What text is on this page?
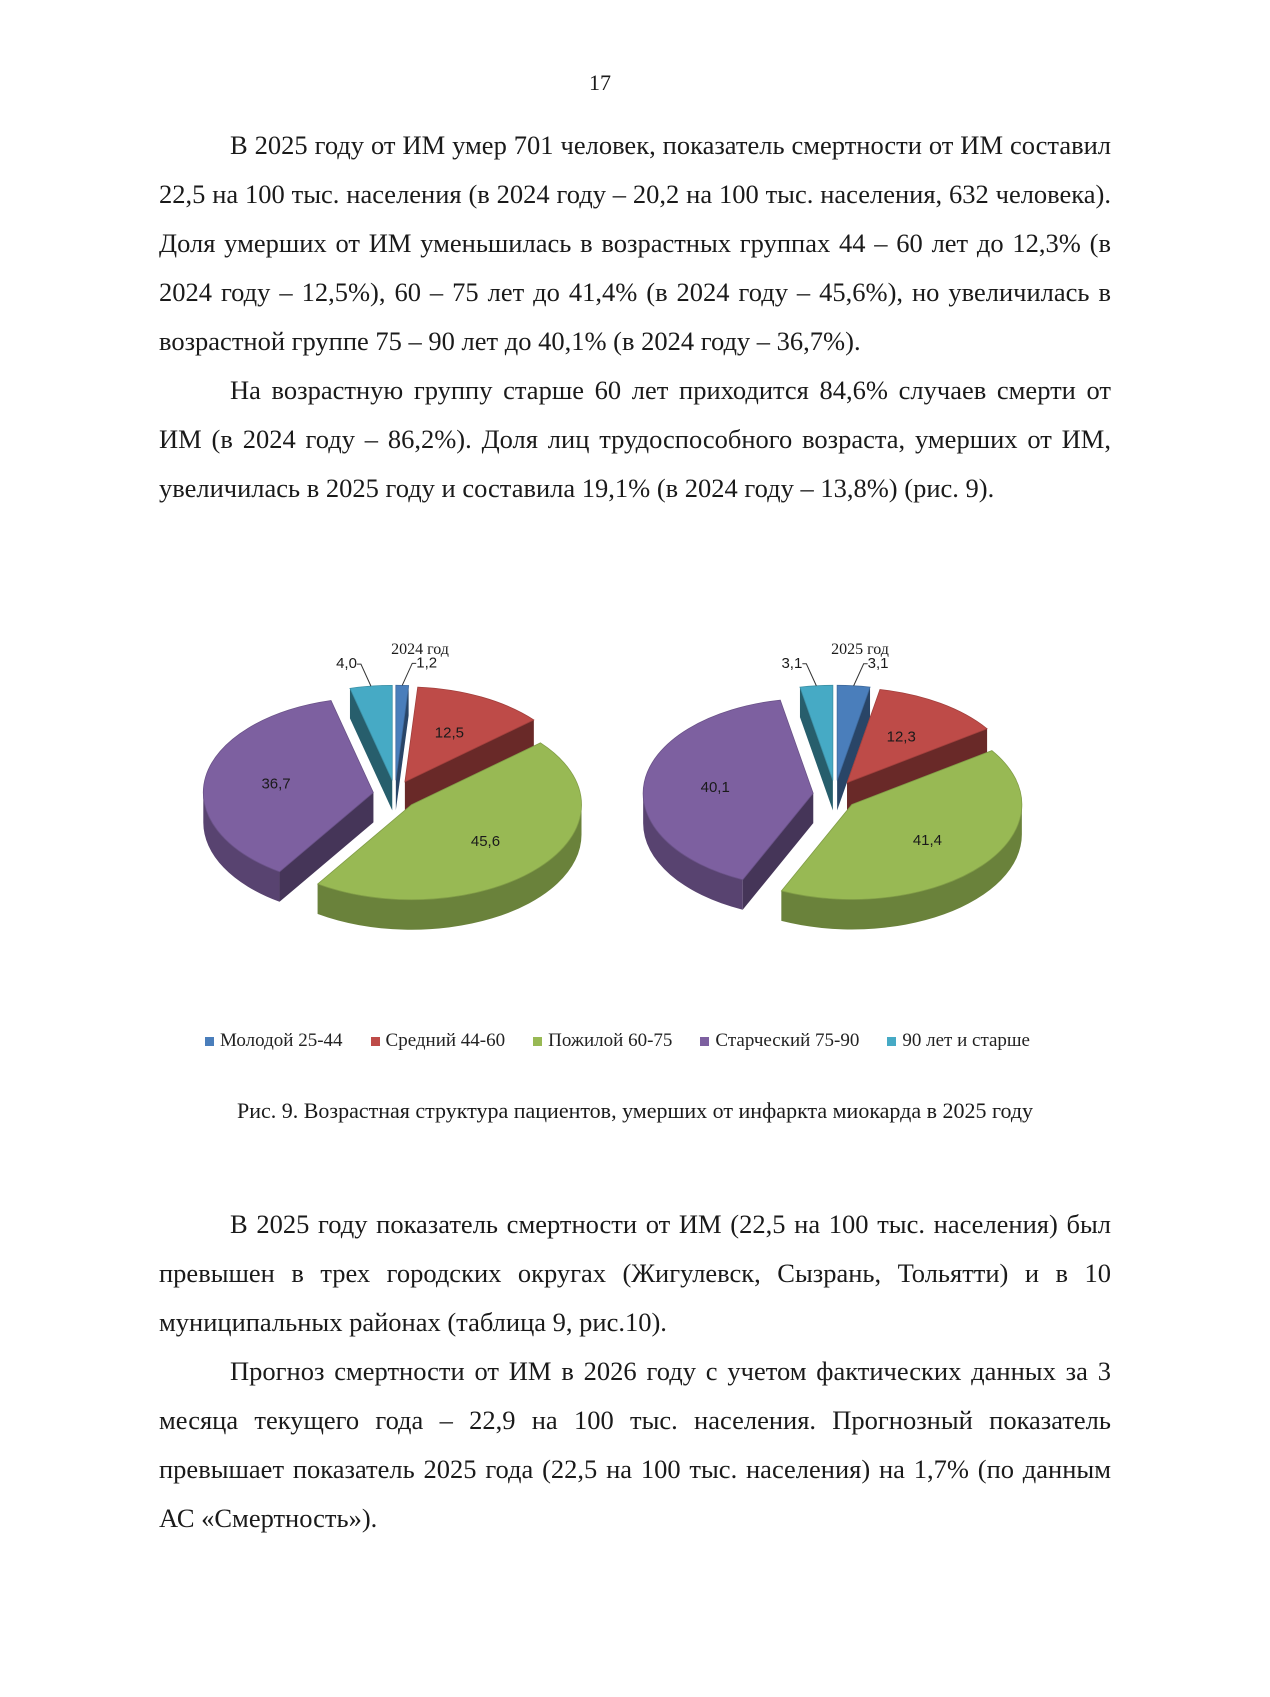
17

В 2025 году от ИМ умер 701 человек, показатель смертности от ИМ составил 22,5 на 100 тыс. населения (в 2024 году – 20,2 на 100 тыс. населения, 632 человека). Доля умерших от ИМ уменьшилась в возрастных группах 44 – 60 лет до 12,3% (в 2024 году – 12,5%), 60 – 75 лет до 41,4% (в 2024 году – 45,6%), но увеличилась в возрастной группе 75 – 90 лет до 40,1% (в 2024 году – 36,7%).

На возрастную группу старше 60 лет приходится 84,6% случаев смерти от ИМ (в 2024 году – 86,2%). Доля лиц трудоспособного возраста, умерших от ИМ, увеличилась в 2025 году и составила 19,1% (в 2024 году – 13,8%) (рис. 9).

1,2
12,5
45,6
36,7
4,0
2024 год
3,1
12,3
41,4
40,1
3,1
2025 год
Молодой 25-44 Средний 44-60 Пожилой 60-75 Старческий 75-90 90 лет и старше
Рис. 9. Возрастная структура пациентов, умерших от инфаркта миокарда в 2025 году

В 2025 году показатель смертности от ИМ (22,5 на 100 тыс. населения) был превышен в трех городских округах (Жигулевск, Сызрань, Тольятти) и в 10 муниципальных районах (таблица 9, рис.10).

Прогноз смертности от ИМ в 2026 году с учетом фактических данных за 3 месяца текущего года – 22,9 на 100 тыс. населения. Прогнозный показатель превышает показатель 2025 года (22,5 на 100 тыс. населения) на 1,7% (по данным АС «Смертность»).
